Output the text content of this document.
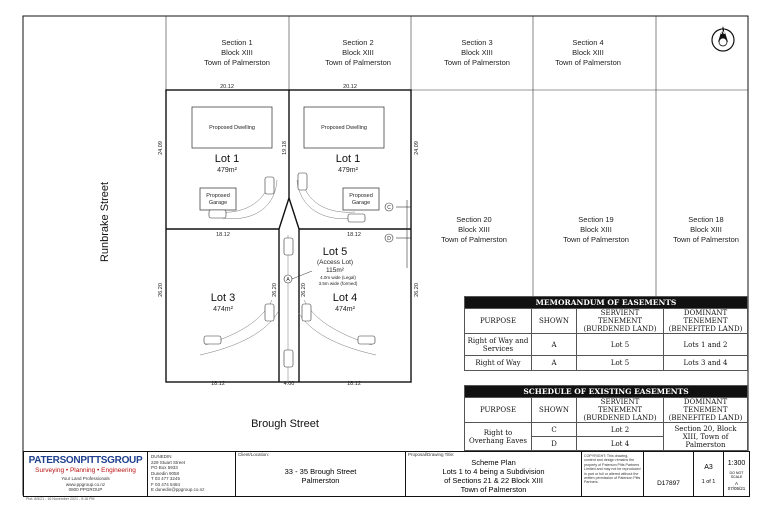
Section 1
Block XIII
Town of Palmerston
Section 2
Block XIII
Town of Palmerston
Section 3
Block XIII
Town of Palmerston
Section 4
Block XIII
Town of Palmerston
Section 20
Block XIII
Town of Palmerston
Section 19
Block XIII
Town of Palmerston
Section 18
Block XIII
Town of Palmerston
Brough Street
20.12	20.12
18.12	18.12
18.12	4.00	18.12
Proposed Dwelling	Proposed Dwelling
Proposed
Garage
Proposed
Garage
Lot 1
479m²
Lot 1
479m²
Lot 3
474m²
Lot 4
474m²
Lot 5
(Access Lot)
115m²
4.0m wide (Legal)
3.5m wide (formed)
A
C
D
N
Runbrake Street
24.09	19.18	24.09
26.20	26.20	26.20	26.20
MEMORANDUM OF EASEMENTS			
PURPOSE	SHOWN	SERVIENT TENEMENT (BURDENED LAND)	DOMINANT TENEMENT (BENEFITED LAND)
Right of Way and Services	A	Lot 5	Lots 1 and 2
Right of Way	A	Lot 5	Lots 3 and 4
SCHEDULE OF EXISTING EASEMENTS			
PURPOSE	SHOWN	SERVIENT TENEMENT (BURDENED LAND)	DOMINANT TENEMENT (BENEFITED LAND)
Right to Overhang Eaves	C	Lot 2	Section 20, Block XIII, Town of Palmerston
	D	Lot 4	
PATERSONPITTSGROUP
Surveying • Planning • Engineering
Your Land Professionals
www.ppgroup.co.nz
0800 PPGROUP
DUNEDIN
229 Stuart Street
PO Box 5933
Dunedin 9058
T 03 477 3245
F 03 474 5484
E dunedin@ppgroup.co.nz
Client/Location:
33 - 35 Brough Street
Palmerston
Proposal/Drawing Title:
Scheme Plan
Lots 1 to 4 being a Subdivision
of Sections 21 & 22 Block XIII
Town of Palmerston
COPYRIGHT: This drawing, content and design remains the property of Paterson Pitts Partners Limited and may not be reproduced in part or full or altered without the written permission of Paterson Pitts Partners.	D17897
A3
1 of 1
1:300
DO NOT SCALE
A
07/05/21
Plot: 8/5/21 - 16 November 2021 - 9:16 PM
